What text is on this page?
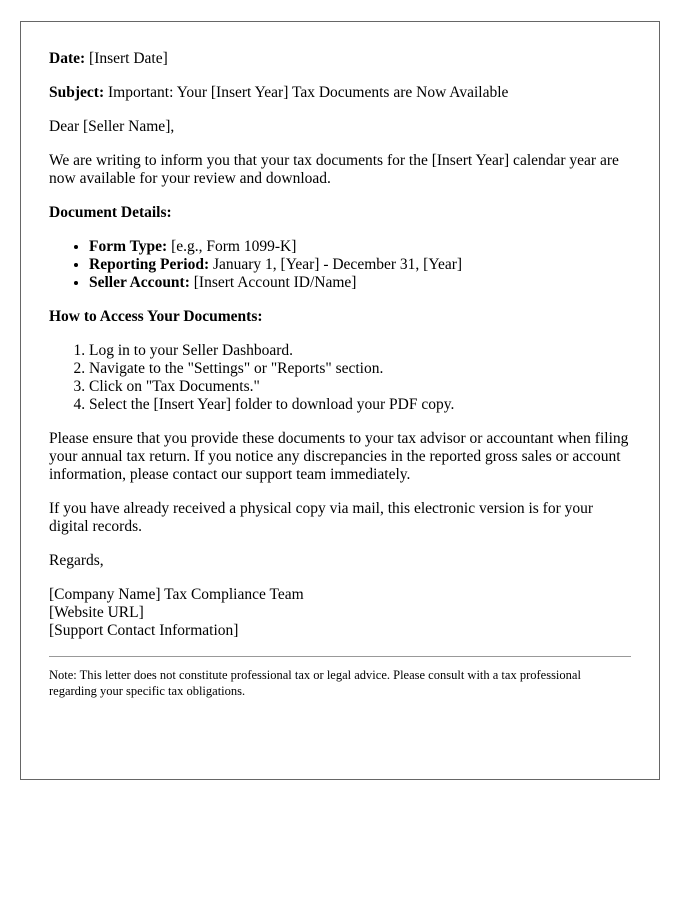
Date: [Insert Date]

Subject: Important: Your [Insert Year] Tax Documents are Now Available

Dear [Seller Name],

We are writing to inform you that your tax documents for the [Insert Year] calendar year are now available for your review and download.

Document Details:

• Form Type: [e.g., Form 1099-K]
• Reporting Period: January 1, [Year] - December 31, [Year]
• Seller Account: [Insert Account ID/Name]

How to Access Your Documents:

1. Log in to your Seller Dashboard.
2. Navigate to the "Settings" or "Reports" section.
3. Click on "Tax Documents."
4. Select the [Insert Year] folder to download your PDF copy.

Please ensure that you provide these documents to your tax advisor or accountant when filing your annual tax return. If you notice any discrepancies in the reported gross sales or account information, please contact our support team immediately.

If you have already received a physical copy via mail, this electronic version is for your digital records.

Regards,

[Company Name] Tax Compliance Team
[Website URL]
[Support Contact Information]

Note: This letter does not constitute professional tax or legal advice. Please consult with a tax professional regarding your specific tax obligations.
